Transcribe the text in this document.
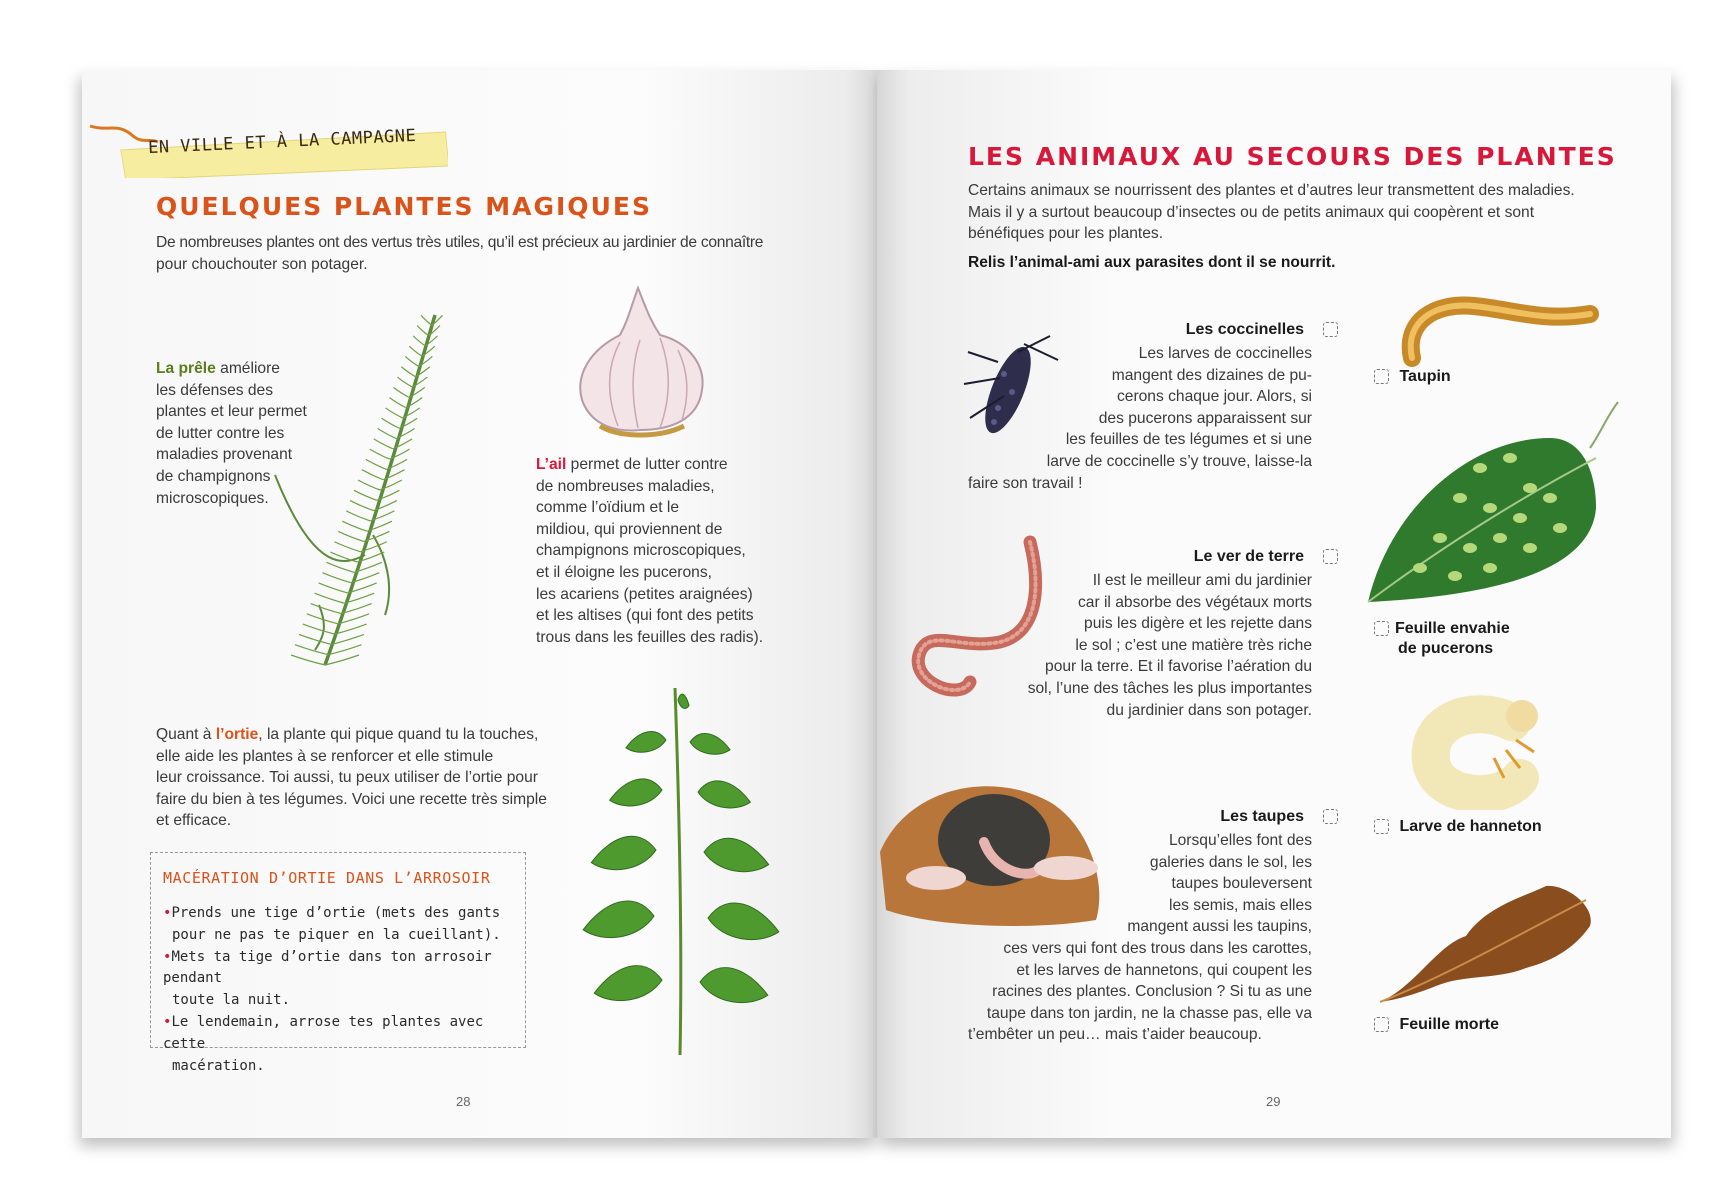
EN VILLE ET À LA CAMPAGNE
QUELQUES PLANTES MAGIQUES
De nombreuses plantes ont des vertus très utiles, qu’il est précieux au jardinier de connaître
pour chouchouter son potager.
La prêle améliore
les défenses des
plantes et leur permet
de lutter contre les
maladies provenant
de champignons
microscopiques.
L’ail permet de lutter contre
de nombreuses maladies,
comme l’oïdium et le
mildiou, qui proviennent de
champignons microscopiques,
et il éloigne les pucerons,
les acariens (petites araignées)
et les altises (qui font des petits
trous dans les feuilles des radis).
Quant à l’ortie, la plante qui pique quand tu la touches,
elle aide les plantes à se renforcer et elle stimule
leur croissance. Toi aussi, tu peux utiliser de l’ortie pour
faire du bien à tes légumes. Voici une recette très simple
et efficace.
MACÉRATION D’ORTIE DANS L’ARROSOIR
•Prends une tige d’ortie (mets des gants
pour ne pas te piquer en la cueillant).
•Mets ta tige d’ortie dans ton arrosoir pendant
toute la nuit.
•Le lendemain, arrose tes plantes avec cette
macération.
28
LES ANIMAUX AU SECOURS DES PLANTES
Certains animaux se nourrissent des plantes et d’autres leur transmettent des maladies.
Mais il y a surtout beaucoup d’insectes ou de petits animaux qui coopèrent et sont
bénéfiques pour les plantes.
Relis l’animal-ami aux parasites dont il se nourrit.
Les coccinelles
Les larves de coccinelles
mangent des dizaines de pu-
cerons chaque jour. Alors, si
des pucerons apparaissent sur
les feuilles de tes légumes et si une
larve de coccinelle s’y trouve, laisse-la
faire son travail !
Le ver de terre
Il est le meilleur ami du jardinier
car il absorbe des végétaux morts
puis les digère et les rejette dans
le sol ; c’est une matière très riche
pour la terre. Et il favorise l’aération du
sol, l’une des tâches les plus importantes
du jardinier dans son potager.
Les taupes
Lorsqu’elles font des
galeries dans le sol, les
taupes bouleversent
les semis, mais elles
mangent aussi les taupins,
ces vers qui font des trous dans les carottes,
et les larves de hannetons, qui coupent les
racines des plantes. Conclusion ? Si tu as une
taupe dans ton jardin, ne la chasse pas, elle va
t’embêter un peu… mais t’aider beaucoup.
Taupin
Feuille envahie
de pucerons
Larve de hanneton
Feuille morte
29
